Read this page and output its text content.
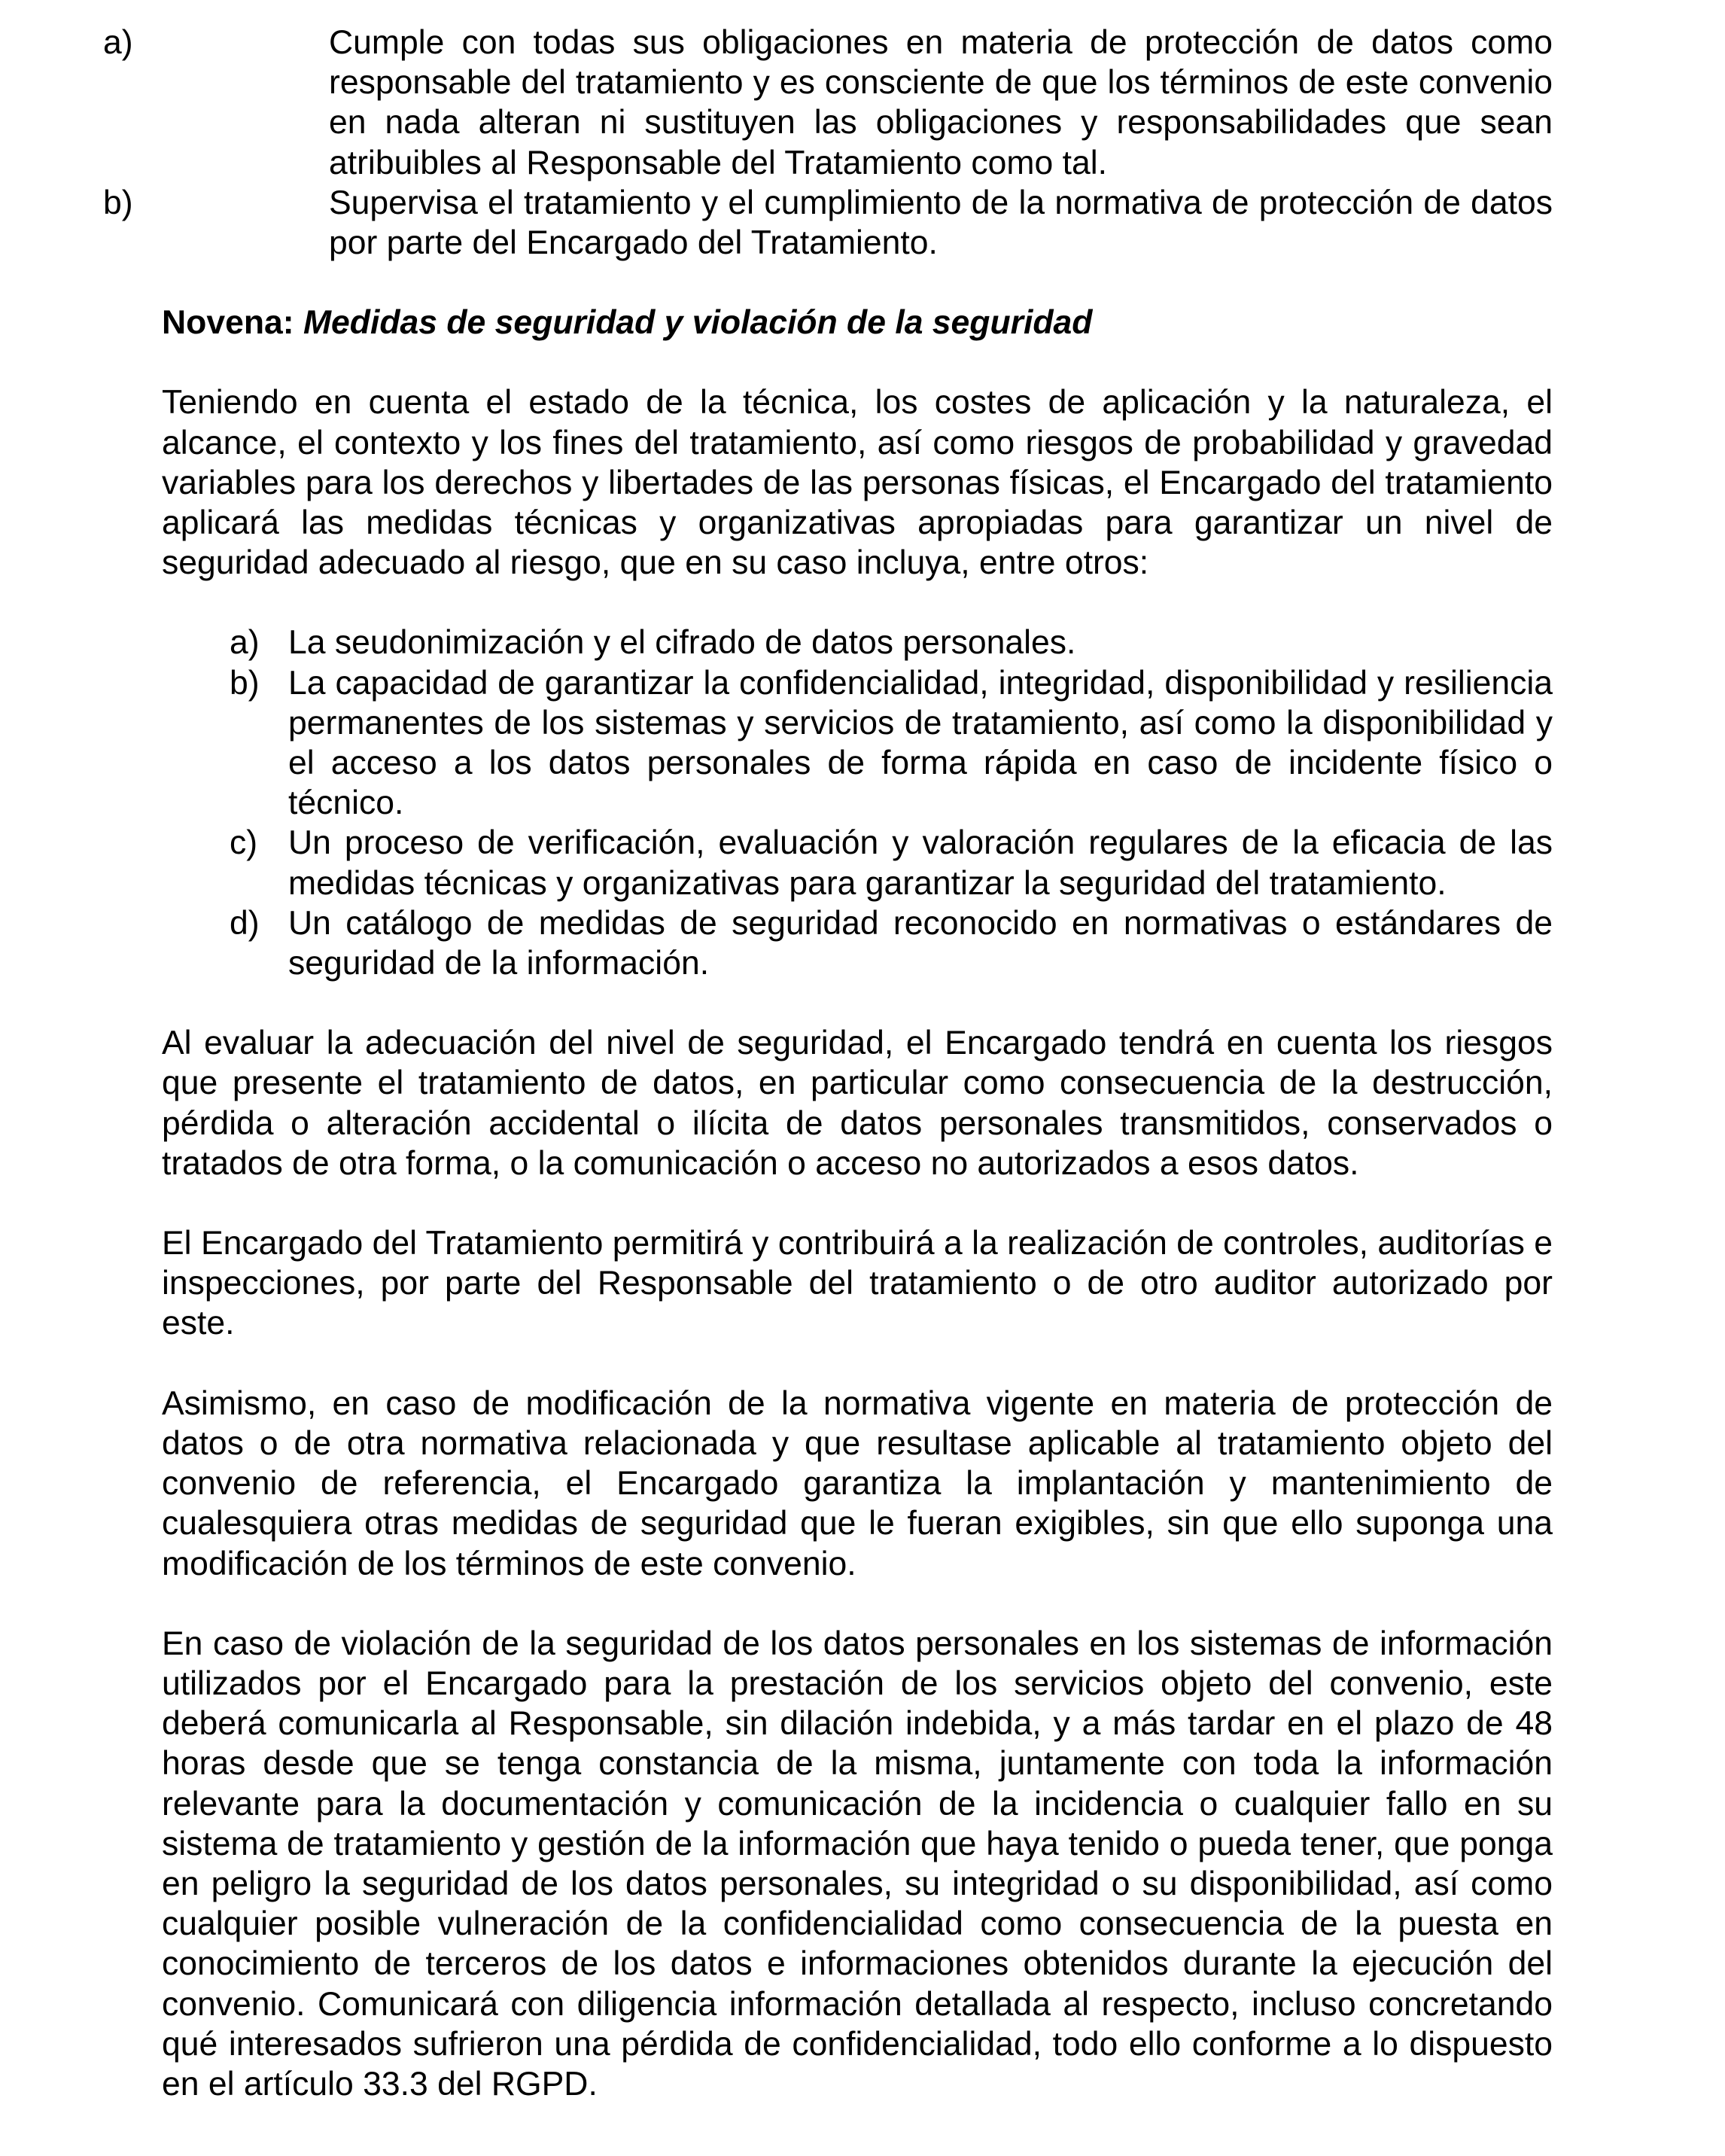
a)	Cumple con todas sus obligaciones en materia de protección de datos como responsable del tratamiento y es consciente de que los términos de este convenio en nada alteran ni sustituyen las obligaciones y responsabilidades que sean atribuibles al Responsable del Tratamiento como tal.
b)	Supervisa el tratamiento y el cumplimiento de la normativa de protección de datos por parte del Encargado del Tratamiento.

Novena: Medidas de seguridad y violación de la seguridad

Teniendo en cuenta el estado de la técnica, los costes de aplicación y la naturaleza, el alcance, el contexto y los fines del tratamiento, así como riesgos de probabilidad y gravedad variables para los derechos y libertades de las personas físicas, el Encargado del tratamiento aplicará las medidas técnicas y organizativas apropiadas para garantizar un nivel de seguridad adecuado al riesgo, que en su caso incluya, entre otros:

a) La seudonimización y el cifrado de datos personales.
b) La capacidad de garantizar la confidencialidad, integridad, disponibilidad y resiliencia permanentes de los sistemas y servicios de tratamiento, así como la disponibilidad y el acceso a los datos personales de forma rápida en caso de incidente físico o técnico.
c) Un proceso de verificación, evaluación y valoración regulares de la eficacia de las medidas técnicas y organizativas para garantizar la seguridad del tratamiento.
d) Un catálogo de medidas de seguridad reconocido en normativas o estándares de seguridad de la información.

Al evaluar la adecuación del nivel de seguridad, el Encargado tendrá en cuenta los riesgos que presente el tratamiento de datos, en particular como consecuencia de la destrucción, pérdida o alteración accidental o ilícita de datos personales transmitidos, conservados o tratados de otra forma, o la comunicación o acceso no autorizados a esos datos.

El Encargado del Tratamiento permitirá y contribuirá a la realización de controles, auditorías e inspecciones, por parte del Responsable del tratamiento o de otro auditor autorizado por este.

Asimismo, en caso de modificación de la normativa vigente en materia de protección de datos o de otra normativa relacionada y que resultase aplicable al tratamiento objeto del convenio de referencia, el Encargado garantiza la implantación y mantenimiento de cualesquiera otras medidas de seguridad que le fueran exigibles, sin que ello suponga una modificación de los términos de este convenio.

En caso de violación de la seguridad de los datos personales en los sistemas de información utilizados por el Encargado para la prestación de los servicios objeto del convenio, este deberá comunicarla al Responsable, sin dilación indebida, y a más tardar en el plazo de 48 horas desde que se tenga constancia de la misma, juntamente con toda la información relevante para la documentación y comunicación de la incidencia o cualquier fallo en su sistema de tratamiento y gestión de la información que haya tenido o pueda tener, que ponga en peligro la seguridad de los datos personales, su integridad o su disponibilidad, así como cualquier posible vulneración de la confidencialidad como consecuencia de la puesta en conocimiento de terceros de los datos e informaciones obtenidos durante la ejecución del convenio. Comunicará con diligencia información detallada al respecto, incluso concretando qué interesados sufrieron una pérdida de confidencialidad, todo ello conforme a lo dispuesto en el artículo 33.3 del RGPD.
